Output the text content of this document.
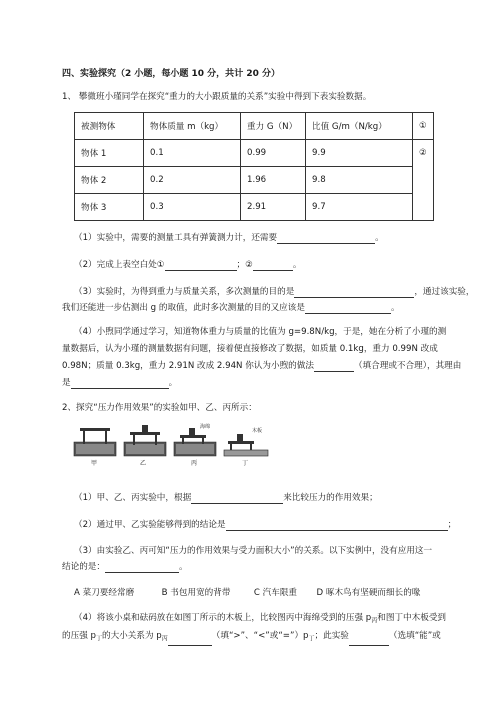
四、实验探究（2 小题，每小题 10 分，共计 20 分）
1、 攀微班小瑾同学在探究“重力的大小跟质量的关系”实验中得到下表实验数据。
被测物体	物体质量 m（kg）	重力 G（N）	比值 G/m（N/kg）	①
物体 1	0.1	0.99	9.9	②
物体 2	0.2	1.96	9.8	
物体 3	0.3	2.91	9.7	
（1）实验中，需要的测量工具有弹簧测力计，还需要	。
（2）完成上表空白处①	；②	。
（3）实验时，为得到重力与质量关系，多次测量的目的是	，通过该实验，
我们还能进一步估测出 g 的取值，此时多次测量的目的又应该是	。
（4）小煦同学通过学习，知道物体重力与质量的比值为 g=9.8N/kg，于是，她在分析了小瑾的测
量数据后，认为小瑾的测量数据有问题，接着便直接修改了数据，如质量 0.1kg，重力 0.99N 改成
0.98N；质量 0.3kg，重力 2.91N 改成 2.94N 你认为小煦的做法	（填合理或不合理），其理由
是	。
2、探究“压力作用效果”的实验如甲、乙、丙所示：
甲	乙
海绵
丙
木板
丁
（1）甲、乙、丙实验中，根据	来比较压力的作用效果；
（2）通过甲、乙实验能够得到的结论是	；
（3）由实验乙、丙可知“压力的作用效果与受力面积大小”的关系。以下实例中，没有应用这一
结论的是：	。
A 菜刀要经常磨	B 书包用宽的背带	C 汽车限重 D 啄木鸟有坚硬而细长的喙
（4）将该小桌和砝码放在如图丁所示的木板上，比较图丙中海绵受到的压强 $p_丙$和图丁中木板受到
的压强 $p_丁$的大小关系为 $p_丙$	（填“>”、“<”或“$=”)p_丁$；此实验	（选填“能”或
